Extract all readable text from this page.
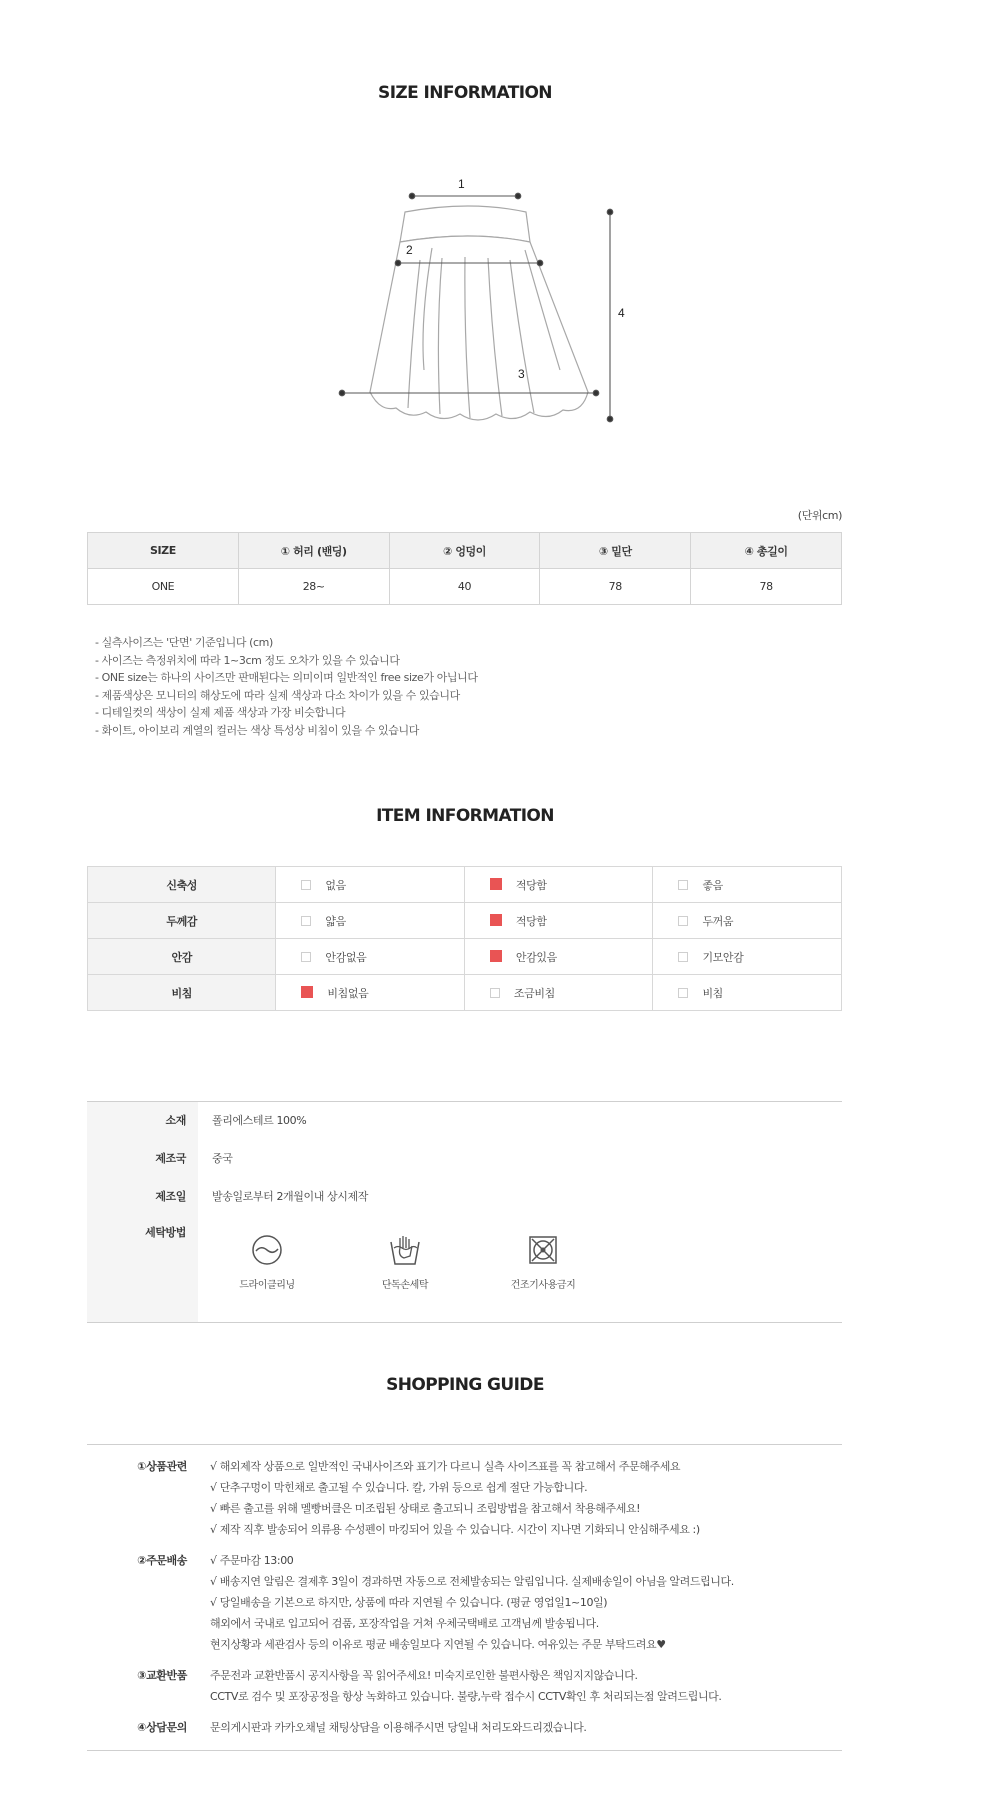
SIZE INFORMATION
1
2
3
4
(단위cm)
SIZE	① 허리 (밴딩)	② 엉덩이	③ 밑단	④ 총길이
ONE	28~	40	78	78
- 실측사이즈는 '단면' 기준입니다 (cm)
- 사이즈는 측정위치에 따라 1~3cm 정도 오차가 있을 수 있습니다
- ONE size는 하나의 사이즈만 판매된다는 의미이며 일반적인 free size가 아닙니다
- 제품색상은 모니터의 해상도에 따라 실제 색상과 다소 차이가 있을 수 있습니다
- 디테일컷의 색상이 실제 제품 색상과 가장 비슷합니다
- 화이트, 아이보리 계열의 컬러는 색상 특성상 비침이 있을 수 있습니다
ITEM INFORMATION
신축성	없음	적당함	좋음
두께감	얇음	적당함	두꺼움
안감	안감없음	안감있음	기모안감
비침	비침없음	조금비침	비침
소재	폴리에스테르 100%
제조국	중국
제조일	발송일로부터 2개월이내 상시제작
세탁방법
드라이클리닝	단독손세탁	건조기사용금지
SHOPPING GUIDE
①상품관련 √ 해외제작 상품으로 일반적인 국내사이즈와 표기가 다르니 실측 사이즈표를 꼭 참고해서 주문해주세요
√ 단추구멍이 막힌채로 출고될 수 있습니다. 칼, 가위 등으로 쉽게 절단 가능합니다.
√ 빠른 출고를 위해 멜빵버클은 미조립된 상태로 출고되니 조립방법을 참고해서 착용해주세요!
√ 제작 직후 발송되어 의류용 수성펜이 마킹되어 있을 수 있습니다. 시간이 지나면 기화되니 안심해주세요 :)
②주문배송 √ 주문마감 13:00
√ 배송지연 알림은 결제후 3일이 경과하면 자동으로 전체발송되는 알림입니다. 실제배송일이 아님을 알려드립니다.
√ 당일배송을 기본으로 하지만, 상품에 따라 지연될 수 있습니다. (평균 영업일1~10일)
해외에서 국내로 입고되어 검품, 포장작업을 거쳐 우체국택배로 고객님께 발송됩니다.
현지상황과 세관검사 등의 이유로 평균 배송일보다 지연될 수 있습니다. 여유있는 주문 부탁드려요♥
③교환반품 주문전과 교환반품시 공지사항을 꼭 읽어주세요! 미숙지로인한 불편사항은 책임지지않습니다.
CCTV로 검수 및 포장공정을 항상 녹화하고 있습니다. 불량,누락 접수시 CCTV확인 후 처리되는점 알려드립니다.
④상담문의 문의게시판과 카카오채널 채팅상담을 이용해주시면 당일내 처리도와드리겠습니다.
